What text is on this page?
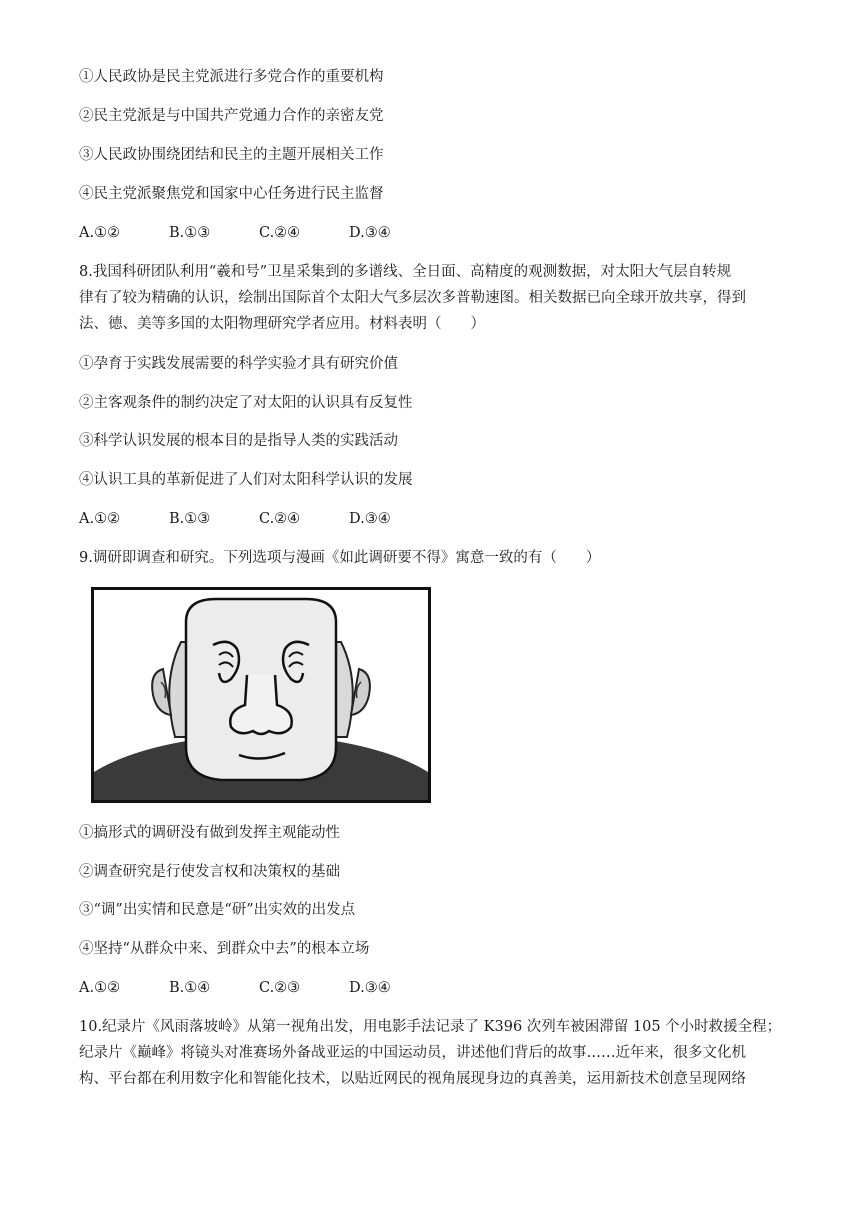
①人民政协是民主党派进行多党合作的重要机构
②民主党派是与中国共产党通力合作的亲密友党
③人民政协围绕团结和民主的主题开展相关工作
④民主党派聚焦党和国家中心任务进行民主监督
A.①②	B.①③	C.②④	D.③④
8.我国科研团队利用“羲和号”卫星采集到的多谱线、全日面、高精度的观测数据，对太阳大气层自转规
律有了较为精确的认识，绘制出国际首个太阳大气多层次多普勒速图。相关数据已向全球开放共享，得到
法、德、美等多国的太阳物理研究学者应用。材料表明（　　）
①孕育于实践发展需要的科学实验才具有研究价值
②主客观条件的制约决定了对太阳的认识具有反复性
③科学认识发展的根本目的是指导人类的实践活动
④认识工具的革新促进了人们对太阳科学认识的发展
A.①②	B.①③	C.②④	D.③④
9.调研即调查和研究。下列选项与漫画《如此调研要不得》寓意一致的有（　　）
①搞形式的调研没有做到发挥主观能动性
②调查研究是行使发言权和决策权的基础
③“调”出实情和民意是“研”出实效的出发点
④坚持“从群众中来、到群众中去”的根本立场
A.①②	B.①④	C.②③	D.③④
10.纪录片《风雨落坡岭》从第一视角出发，用电影手法记录了 K396 次列车被困滞留 105 个小时救援全程；
纪录片《巅峰》将镜头对准赛场外备战亚运的中国运动员，讲述他们背后的故事……近年来，很多文化机
构、平台都在利用数字化和智能化技术，以贴近网民的视角展现身边的真善美，运用新技术创意呈现网络
